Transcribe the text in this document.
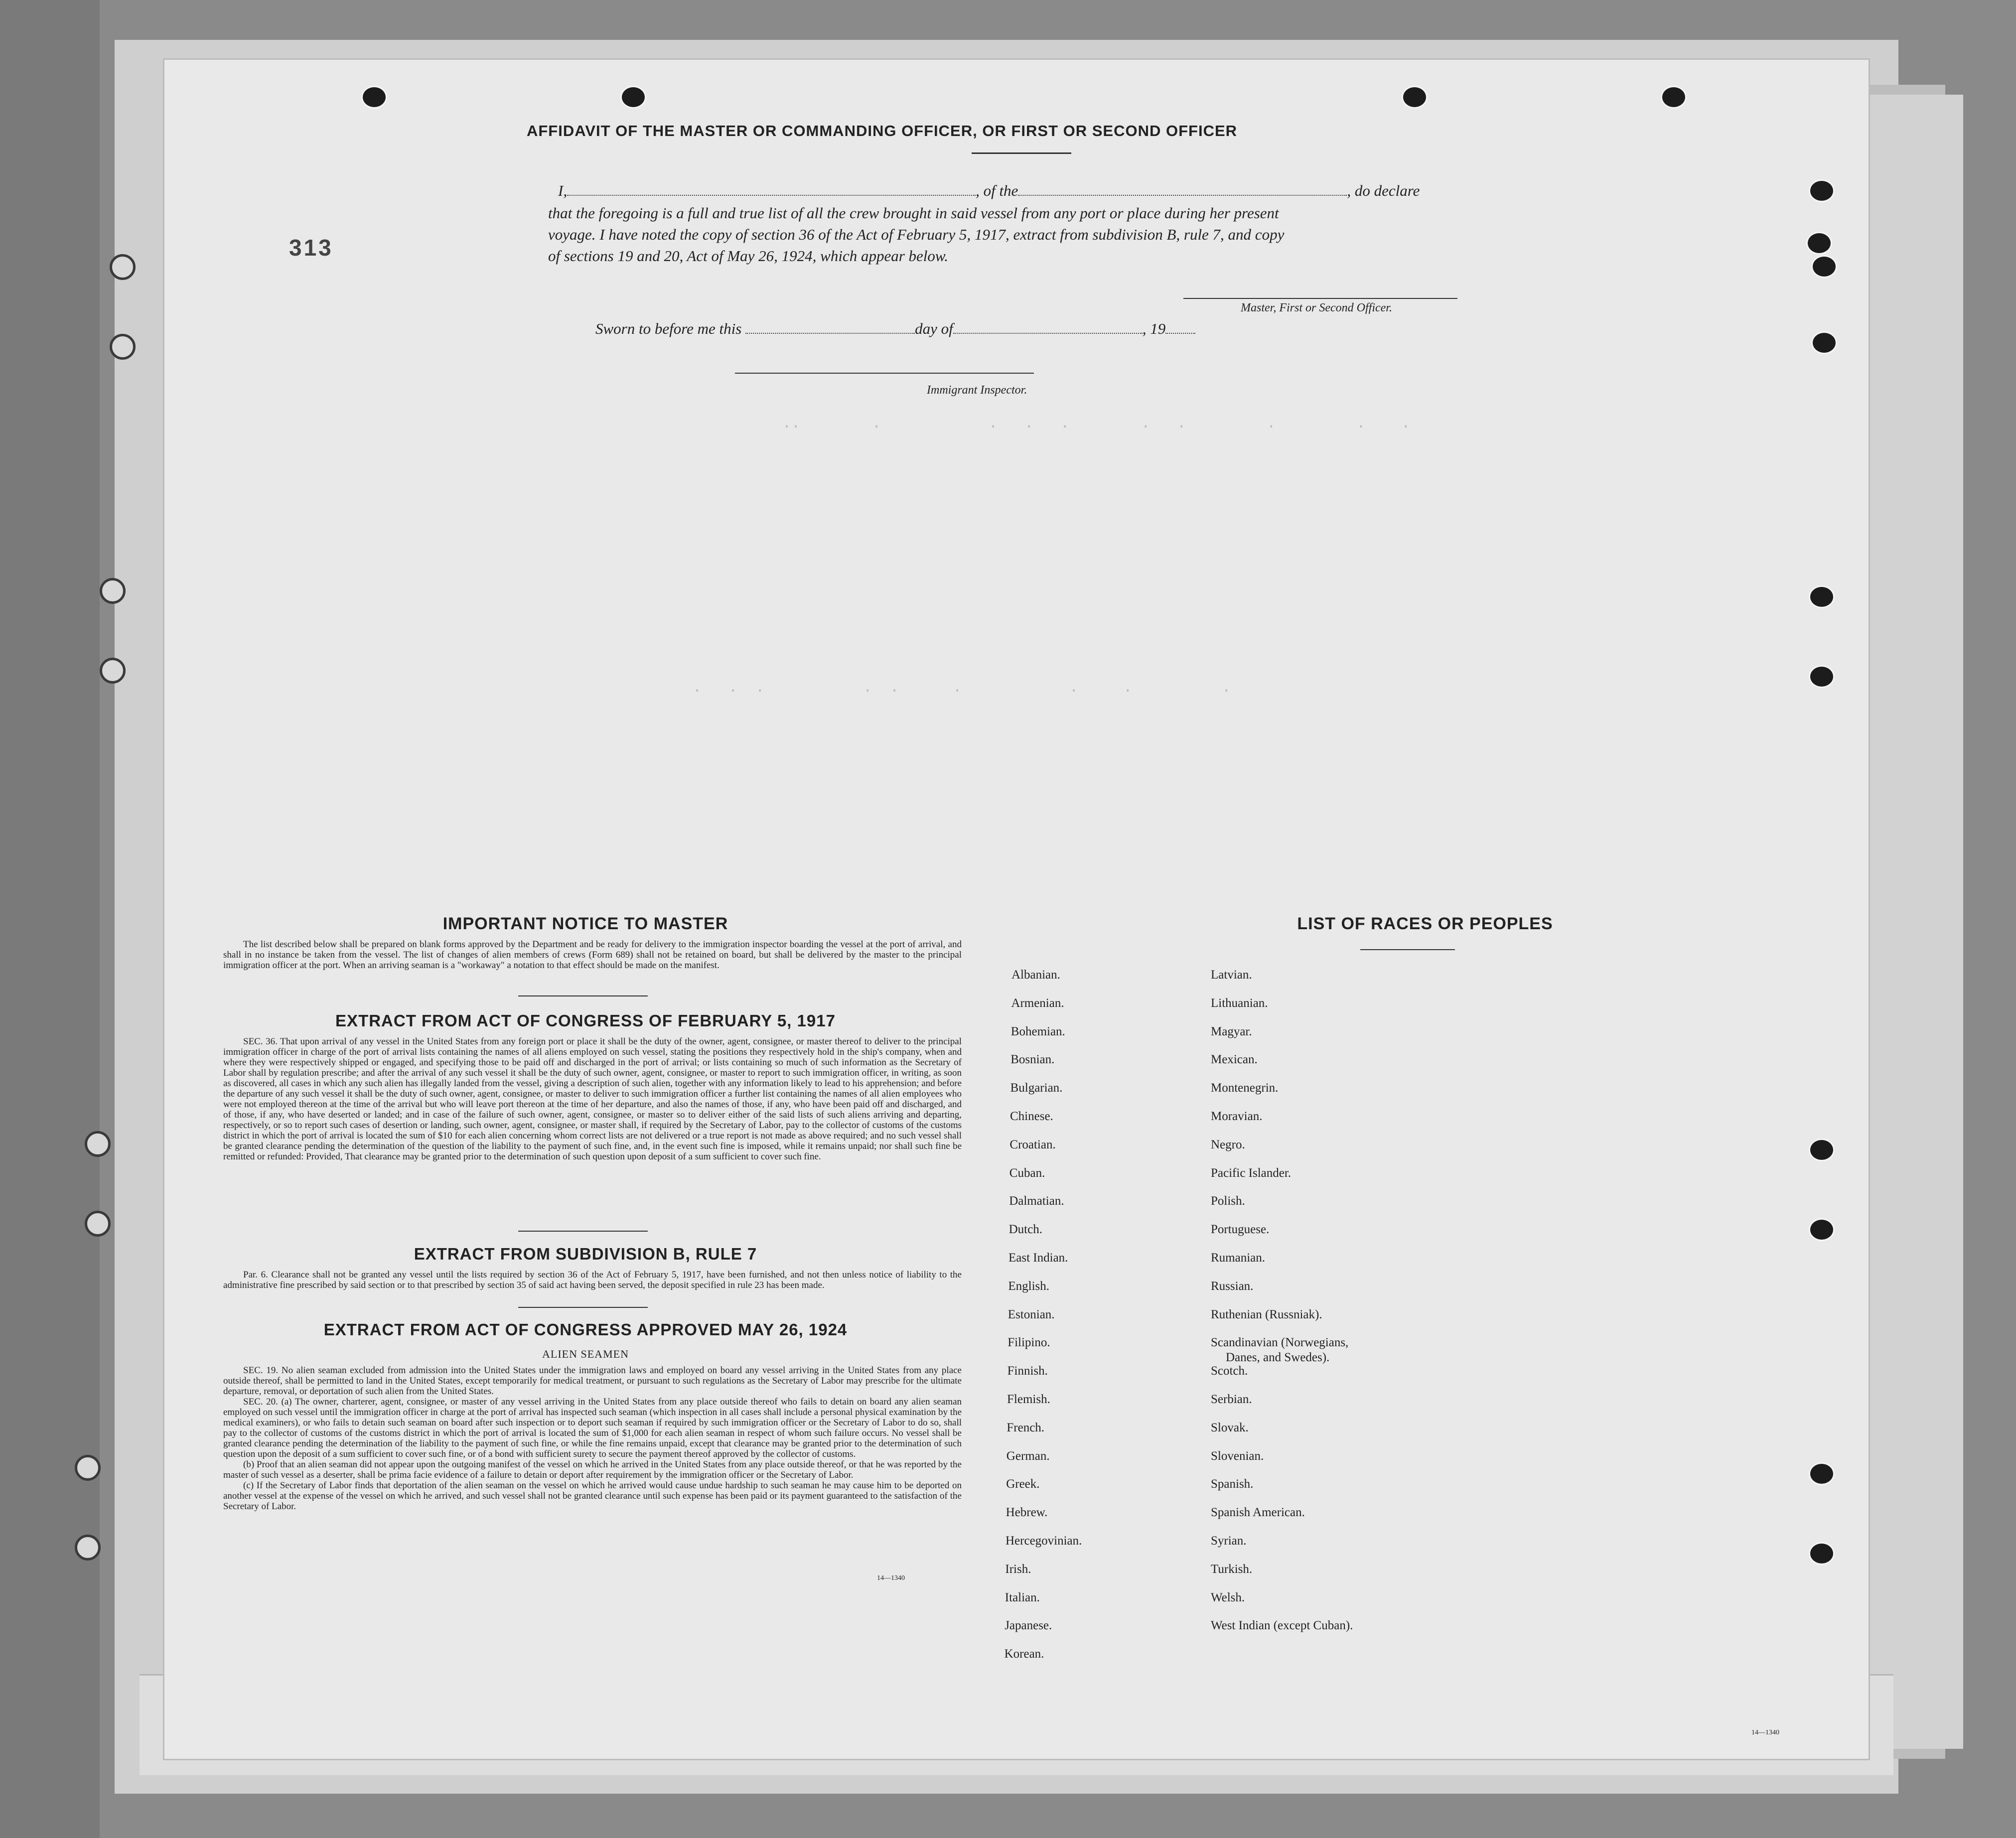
··        ·            ·   ·   ·        ·   ·         ·         ·    ·
·   ·  ·           ·  ·      ·            ·     ·          ·
313
AFFIDAVIT OF THE MASTER OR COMMANDING OFFICER, OR FIRST OR SECOND OFFICER
I,	, of the	, do declare
that the foregoing is a full and true list of all the crew brought in said vessel from any port or place during her present
voyage. I have noted the copy of section 36 of the Act of February 5, 1917, extract from subdivision B, rule 7, and copy
of sections 19 and 20, Act of May 26, 1924, which appear below.
Master, First or Second Officer.
Sworn to before me this	day of	, 19
Immigrant Inspector.
IMPORTANT NOTICE TO MASTER

The list described below shall be prepared on blank forms approved by the Department and be ready for delivery to the immigration inspector boarding the vessel at the port of arrival, and shall in no instance be taken from the vessel. The list of changes of alien members of crews (Form 689) shall not be retained on board, but shall be delivered by the master to the principal immigration officer at the port. When an arriving seaman is a "workaway" a notation to that effect should be made on the manifest.

EXTRACT FROM ACT OF CONGRESS OF FEBRUARY 5, 1917

SEC. 36. That upon arrival of any vessel in the United States from any foreign port or place it shall be the duty of the owner, agent, consignee, or master thereof to deliver to the principal immigration officer in charge of the port of arrival lists containing the names of all aliens employed on such vessel, stating the positions they respectively hold in the ship's company, when and where they were respectively shipped or engaged, and specifying those to be paid off and discharged in the port of arrival; or lists containing so much of such information as the Secretary of Labor shall by regulation prescribe; and after the arrival of any such vessel it shall be the duty of such owner, agent, consignee, or master to report to such immigration officer, in writing, as soon as discovered, all cases in which any such alien has illegally landed from the vessel, giving a description of such alien, together with any information likely to lead to his apprehension; and before the departure of any such vessel it shall be the duty of such owner, agent, consignee, or master to deliver to such immigration officer a further list containing the names of all alien employees who were not employed thereon at the time of the arrival but who will leave port thereon at the time of her departure, and also the names of those, if any, who have been paid off and discharged, and of those, if any, who have deserted or landed; and in case of the failure of such owner, agent, consignee, or master so to deliver either of the said lists of such aliens arriving and departing, respectively, or so to report such cases of desertion or landing, such owner, agent, consignee, or master shall, if required by the Secretary of Labor, pay to the collector of customs of the customs district in which the port of arrival is located the sum of $10 for each alien concerning whom correct lists are not delivered or a true report is not made as above required; and no such vessel shall be granted clearance pending the determination of the question of the liability to the payment of such fine, and, in the event such fine is imposed, while it remains unpaid; nor shall such fine be remitted or refunded: Provided, That clearance may be granted prior to the determination of such question upon deposit of a sum sufficient to cover such fine.

EXTRACT FROM SUBDIVISION B, RULE 7

Par. 6. Clearance shall not be granted any vessel until the lists required by section 36 of the Act of February 5, 1917, have been furnished, and not then unless notice of liability to the administrative fine prescribed by said section or to that prescribed by section 35 of said act having been served, the deposit specified in rule 23 has been made.

EXTRACT FROM ACT OF CONGRESS APPROVED MAY 26, 1924
ALIEN SEAMEN

SEC. 19. No alien seaman excluded from admission into the United States under the immigration laws and employed on board any vessel arriving in the United States from any place outside thereof, shall be permitted to land in the United States, except temporarily for medical treatment, or pursuant to such regulations as the Secretary of Labor may prescribe for the ultimate departure, removal, or deportation of such alien from the United States.

SEC. 20. (a) The owner, charterer, agent, consignee, or master of any vessel arriving in the United States from any place outside thereof who fails to detain on board any alien seaman employed on such vessel until the immigration officer in charge at the port of arrival has inspected such seaman (which inspection in all cases shall include a personal physical examination by the medical examiners), or who fails to detain such seaman on board after such inspection or to deport such seaman if required by such immigration officer or the Secretary of Labor to do so, shall pay to the collector of customs of the customs district in which the port of arrival is located the sum of $1,000 for each alien seaman in respect of whom such failure occurs. No vessel shall be granted clearance pending the determination of the liability to the payment of such fine, or while the fine remains unpaid, except that clearance may be granted prior to the determination of such question upon the deposit of a sum sufficient to cover such fine, or of a bond with sufficient surety to secure the payment thereof approved by the collector of customs.

(b) Proof that an alien seaman did not appear upon the outgoing manifest of the vessel on which he arrived in the United States from any place outside thereof, or that he was reported by the master of such vessel as a deserter, shall be prima facie evidence of a failure to detain or deport after requirement by the immigration officer or the Secretary of Labor.

(c) If the Secretary of Labor finds that deportation of the alien seaman on the vessel on which he arrived would cause undue hardship to such seaman he may cause him to be deported on another vessel at the expense of the vessel on which he arrived, and such vessel shall not be granted clearance until such expense has been paid or its payment guaranteed to the satisfaction of the Secretary of Labor.

14—1340
LIST OF RACES OR PEOPLES
14—1340
Albanian.
Armenian.
Bohemian.
Bosnian.
Bulgarian.
Chinese.
Croatian.
Cuban.
Dalmatian.
Dutch.
East Indian.
English.
Estonian.
Filipino.
Finnish.
Flemish.
French.
German.
Greek.
Hebrew.
Hercegovinian.
Irish.
Italian.
Japanese.
Korean.
Latvian.
Lithuanian.
Magyar.
Mexican.
Montenegrin.
Moravian.
Negro.
Pacific Islander.
Polish.
Portuguese.
Rumanian.
Russian.
Ruthenian (Russniak).
Scandinavian (Norwegians,
Danes, and Swedes).
Scotch.
Serbian.
Slovak.
Slovenian.
Spanish.
Spanish American.
Syrian.
Turkish.
Welsh.
West Indian (except Cuban).
